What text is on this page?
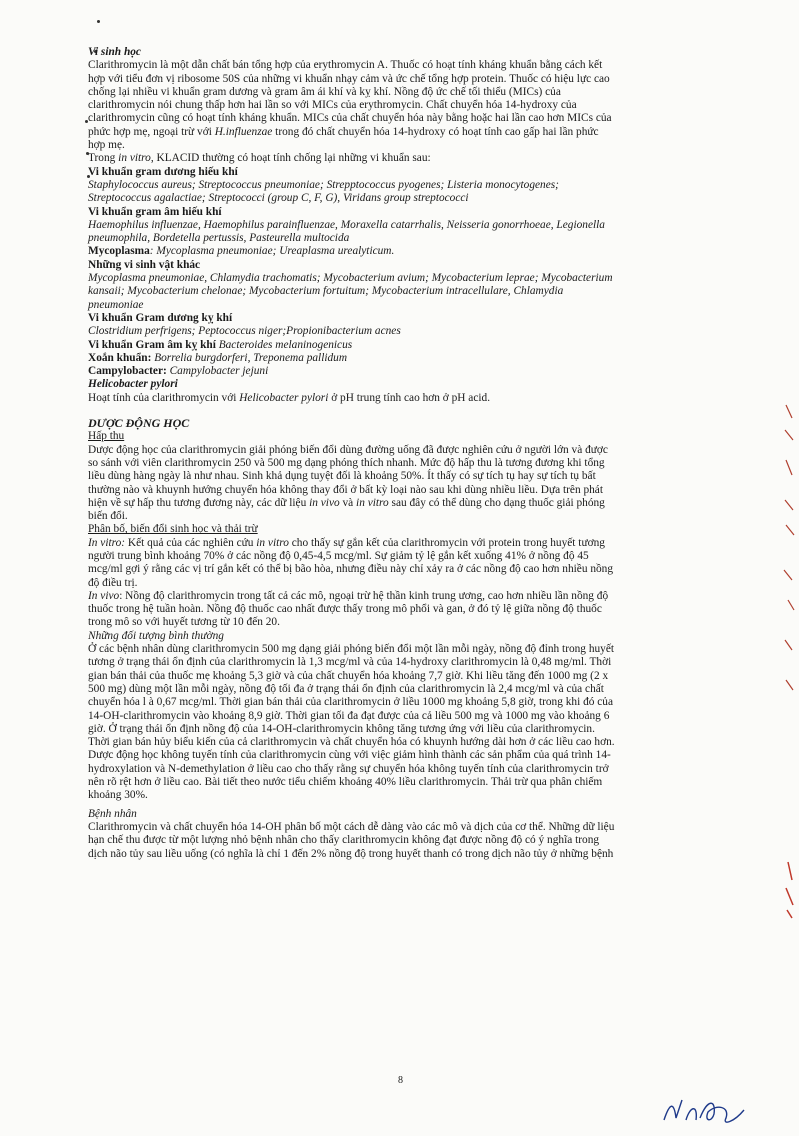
Vi sinh học

Clarithromycin là một dẫn chất bán tổng hợp của erythromycin A. Thuốc có hoạt tính kháng khuẩn bằng cách kết

hợp với tiểu đơn vị ribosome 50S của những vi khuẩn nhạy cảm và ức chế tổng hợp protein. Thuốc có hiệu lực cao

chống lại nhiều vi khuẩn gram dương và gram âm ái khí và kỵ khí. Nồng độ ức chế tối thiểu (MICs) của

clarithromycin nói chung thấp hơn hai lần so với MICs của erythromycin. Chất chuyển hóa 14-hydroxy của

clarithromycin cũng có hoạt tính kháng khuẩn. MICs của chất chuyển hóa này bằng hoặc hai lần cao hơn MICs của

phức hợp mẹ, ngoại trừ với H.influenzae trong đó chất chuyển hóa 14-hydroxy có hoạt tính cao gấp hai lần phức

hợp mẹ.

Trong in vitro, KLACID thường có hoạt tính chống lại những vi khuẩn sau:

Vi khuẩn gram dương hiếu khí

Staphylococcus aureus; Streptococcus pneumoniae; Strepptococcus pyogenes; Listeria monocytogenes;

Streptococcus agalactiae; Streptococci (group C, F, G), Viridans group streptococci

Vi khuẩn gram âm hiếu khí

Haemophilus influenzae, Haemophilus parainfluenzae, Moraxella catarrhalis, Neisseria gonorrhoeae, Legionella

pneumophila, Bordetella pertussis, Pasteurella multocida

Mycoplasma: Mycoplasma pneumoniae; Ureaplasma urealyticum.

Những vi sinh vật khác

Mycoplasma pneumoniae, Chlamydia trachomatis; Mycobacterium avium; Mycobacterium leprae; Mycobacterium

kansaii; Mycobacterium chelonae; Mycobacterium fortuitum; Mycobacterium intracellulare, Chlamydia

pneumoniae

Vi khuẩn Gram dương kỵ khí

Clostridium perfrigens; Peptococcus niger;Propionibacterium acnes

Vi khuẩn Gram âm kỵ khí Bacteroides melaninogenicus

Xoắn khuẩn: Borrelia burgdorferi, Treponema pallidum

Campylobacter: Campylobacter jejuni

Helicobacter pylori

Hoạt tính của clarithromycin với Helicobacter pylori ở pH trung tính cao hơn ở pH acid.

DƯỢC ĐỘNG HỌC

Hấp thu

Dược động học của clarithromycin giải phóng biến đổi dùng đường uống đã được nghiên cứu ở người lớn và được

so sánh với viên clarithromycin 250 và 500 mg dạng phóng thích nhanh. Mức độ hấp thu là tương đương khi tổng

liều dùng hàng ngày là như nhau. Sinh khả dụng tuyệt đối là khoảng 50%. Ít thấy có sự tích tụ hay sự tích tụ bất

thường nào và khuynh hướng chuyển hóa không thay đổi ở bất kỳ loại nào sau khi dùng nhiều liều. Dựa trên phát

hiện về sự hấp thu tương đương này, các dữ liệu in vivo và in vitro sau đây có thể dùng cho dạng thuốc giải phóng

biến đổi.

Phân bố, biến đổi sinh học và thải trừ

In vitro: Kết quả của các nghiên cứu in vitro cho thấy sự gắn kết của clarithromycin với protein trong huyết tương

người trung bình khoảng 70% ở các nồng độ 0,45-4,5 mcg/ml. Sự giảm tỷ lệ gắn kết xuống 41% ở nồng độ 45

mcg/ml gợi ý rằng các vị trí gắn kết có thể bị bão hòa, nhưng điều này chỉ xảy ra ở các nồng độ cao hơn nhiều nồng

độ điều trị.

In vivo: Nồng độ clarithromycin trong tất cả các mô, ngoại trừ hệ thần kinh trung ương, cao hơn nhiều lần nồng độ

thuốc trong hệ tuần hoàn. Nồng độ thuốc cao nhất được thấy trong mô phổi và gan, ở đó tỷ lệ giữa nồng độ thuốc

trong mô so với huyết tương từ 10 đến 20.

Những đối tượng bình thường

Ở các bệnh nhân dùng clarithromycin 500 mg dạng giải phóng biến đổi một lần mỗi ngày, nồng độ đỉnh trong huyết

tương ở trạng thái ổn định của clarithromycin là 1,3 mcg/ml và của 14-hydroxy clarithromycin là 0,48 mg/ml. Thời

gian bán thải của thuốc mẹ khoảng 5,3 giờ và của chất chuyển hóa khoảng 7,7 giờ. Khi liều tăng đến 1000 mg (2 x

500 mg) dùng một lần mỗi ngày, nồng độ tối đa ở trạng thái ổn định của clarithromycin là 2,4 mcg/ml và của chất

chuyển hóa l à 0,67 mcg/ml. Thời gian bán thải của clarithromycin ở liều 1000 mg khoảng 5,8 giờ, trong khi đó của

14-OH-clarithromycin vào khoảng 8,9 giờ. Thời gian tối đa đạt được của cả liều 500 mg và 1000 mg vào khoảng 6

giờ. Ở trạng thái ổn định nồng độ của 14-OH-clarithromycin không tăng tương ứng với liều của clarithromycin.

Thời gian bán hủy biểu kiến của cả clarithromycin và chất chuyển hóa có khuynh hướng dài hơn ở các liều cao hơn.

Dược động học không tuyến tính của clarithromycin cùng với việc giảm hình thành các sản phẩm của quá trình 14-

hydroxylation và N-demethylation ở liều cao cho thấy rằng sự chuyển hóa không tuyến tính của clarithromycin trở

nên rõ rệt hơn ở liều cao. Bài tiết theo nước tiểu chiếm khoảng 40% liều clarithromycin. Thải trừ qua phân chiếm

khoảng 30%.

Bệnh nhân

Clarithromycin và chất chuyển hóa 14-OH phân bố một cách dễ dàng vào các mô và dịch của cơ thể. Những dữ liệu

hạn chế thu được từ một lượng nhỏ bệnh nhân cho thấy clarithromycin không đạt được nồng độ có ý nghĩa trong

dịch não tủy sau liều uống (có nghĩa là chỉ 1 đến 2% nồng độ trong huyết thanh có trong dịch não tủy ở những bệnh

8
